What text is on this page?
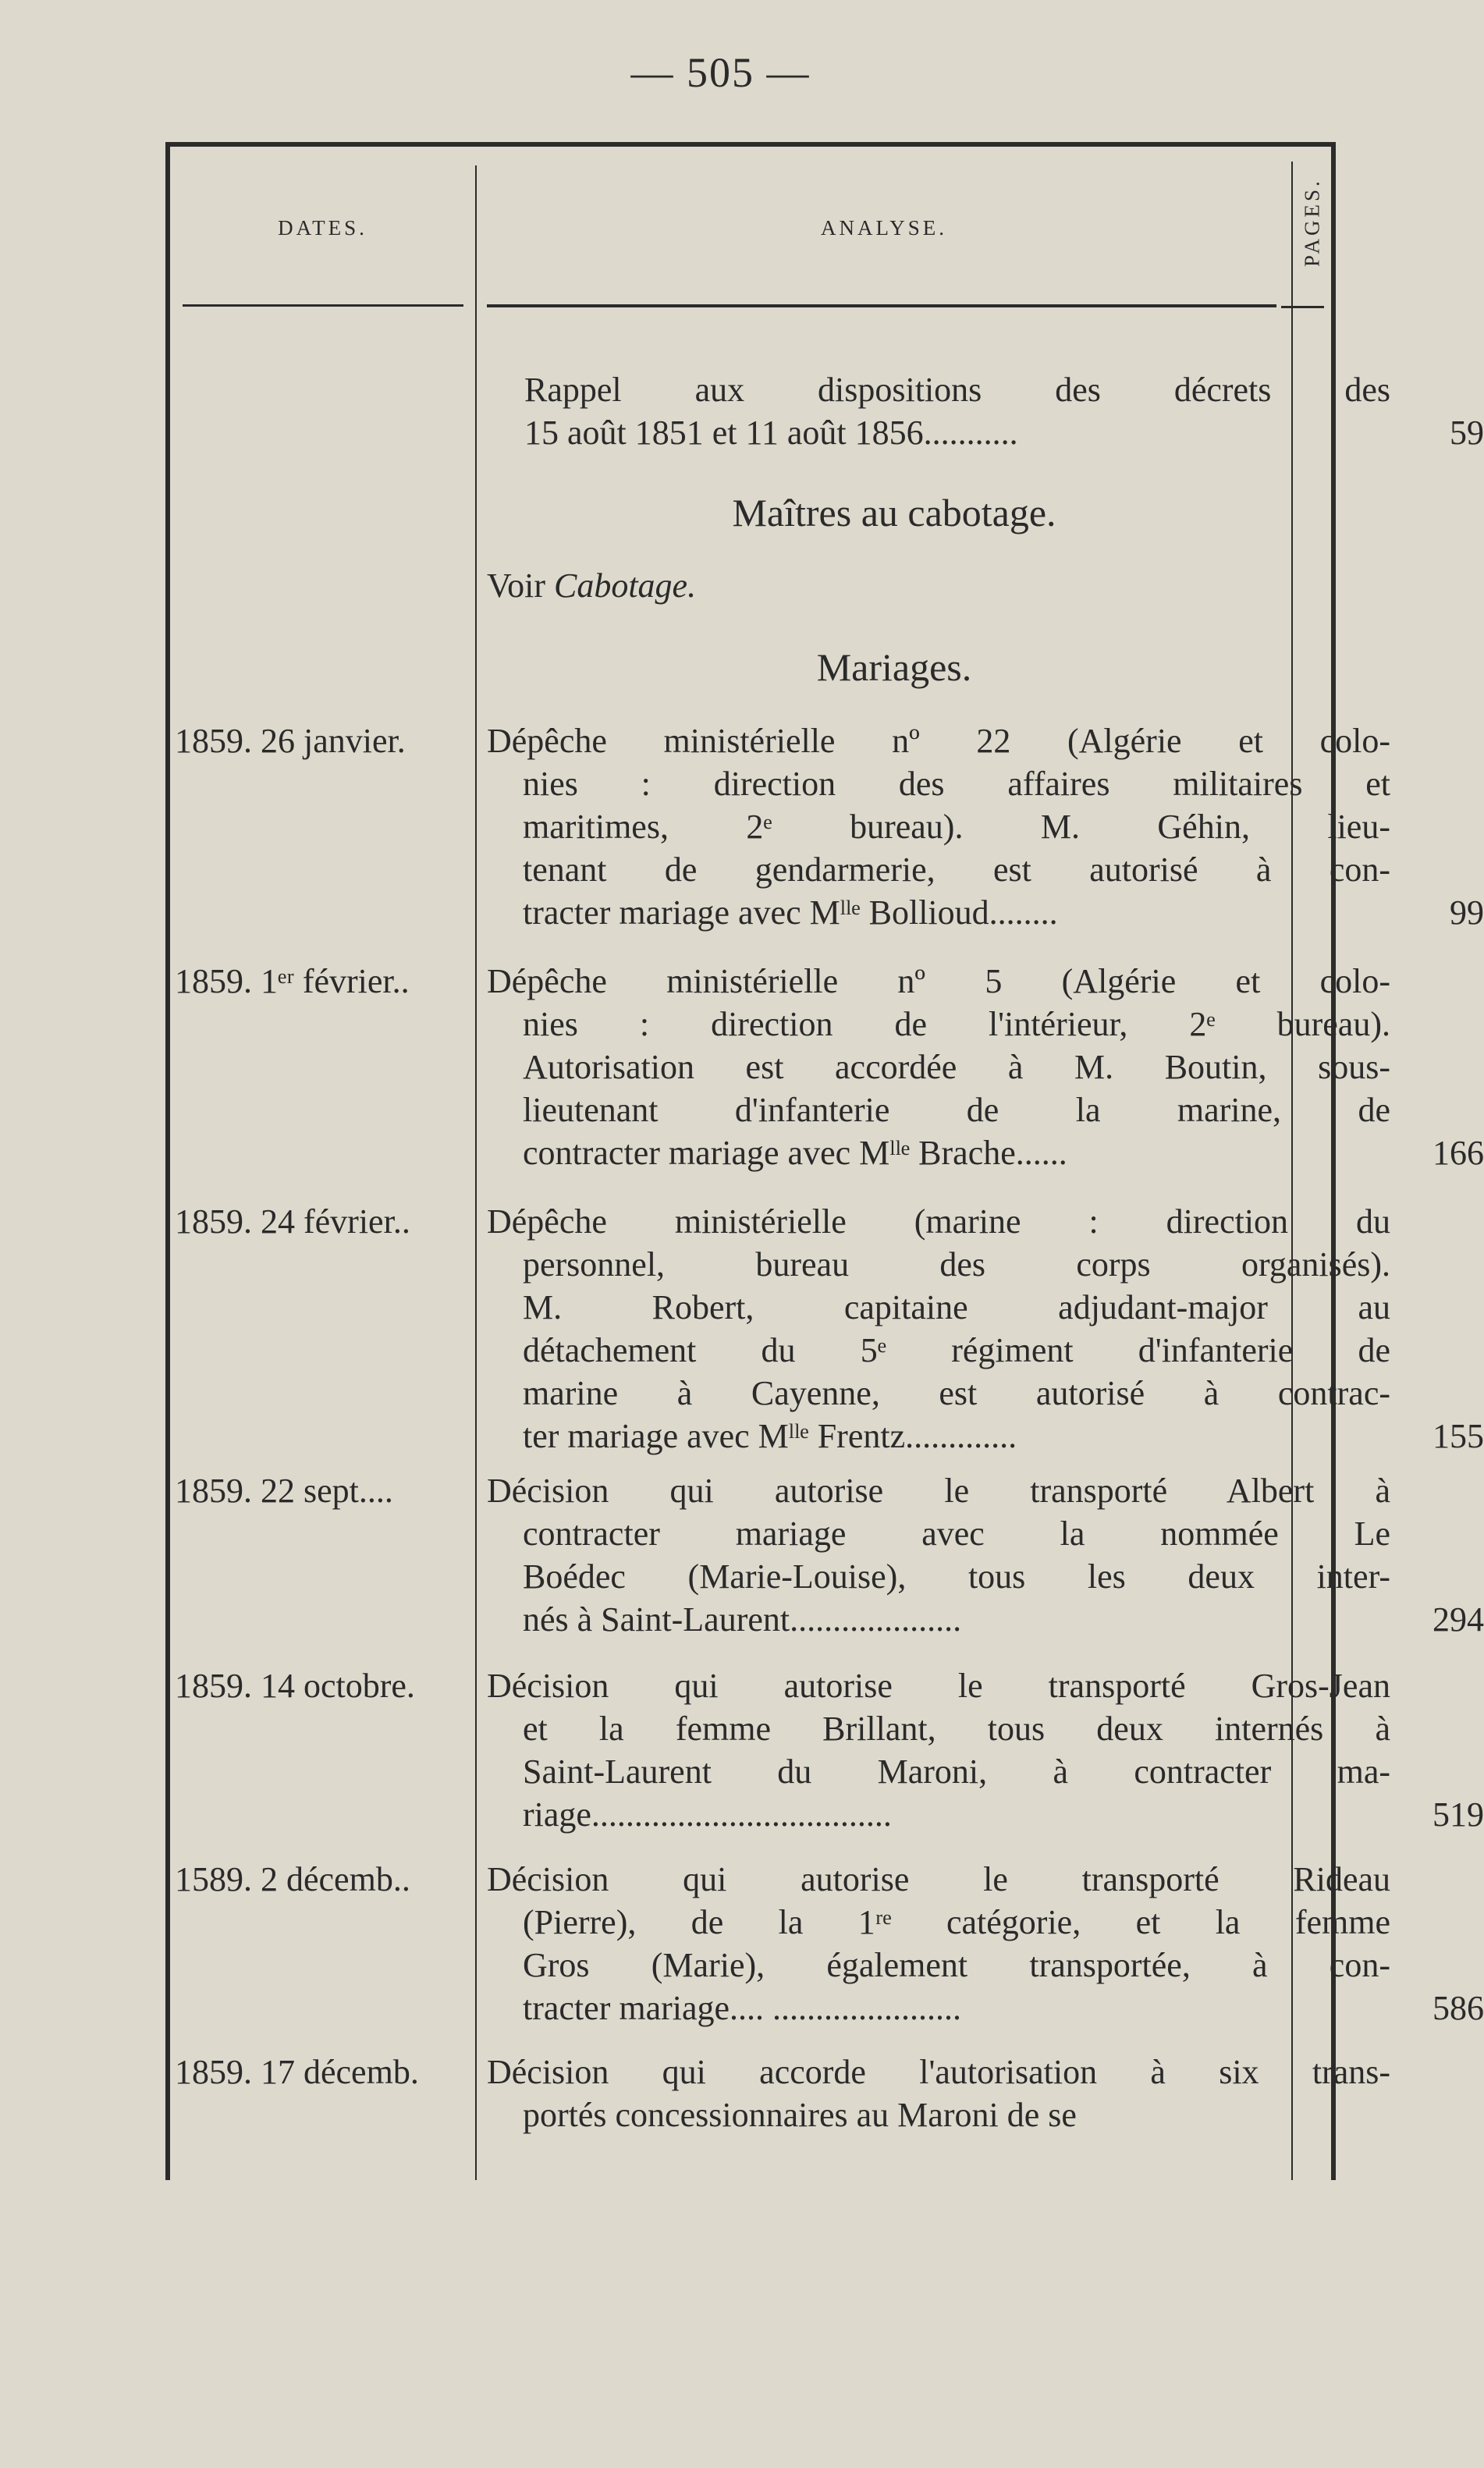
— 505 —
DATES.	ANALYSE.	PAGES.
Rappel aux dispositions des décrets des
15 août 1851 et 11 août 1856...........	59
Maîtres au cabotage.
Voir Cabotage.
Mariages.
1859. 26 janvier.	Dépêche ministérielle nº 22 (Algérie et colo-
nies : direction des affaires militaires et
maritimes, 2ᵉ bureau). M. Géhin, lieu-
tenant de gendarmerie, est autorisé à con-
tracter mariage avec Mˡˡᵉ Bollioud........	99
1859. 1ᵉʳ février..	Dépêche ministérielle nº 5 (Algérie et colo-
nies : direction de l'intérieur, 2ᵉ bureau).
Autorisation est accordée à M. Boutin, sous-
lieutenant d'infanterie de la marine, de
contracter mariage avec Mˡˡᵉ Brache......	166
1859. 24 février..	Dépêche ministérielle (marine : direction du
personnel, bureau des corps organisés).
M. Robert, capitaine adjudant-major au
détachement du 5ᵉ régiment d'infanterie de
marine à Cayenne, est autorisé à contrac-
ter mariage avec Mˡˡᵉ Frentz.............	155
1859. 22 sept....	Décision qui autorise le transporté Albert à
contracter mariage avec la nommée Le
Boédec (Marie-Louise), tous les deux inter-
nés à Saint-Laurent....................	294
1859. 14 octobre.	Décision qui autorise le transporté Gros-Jean
et la femme Brillant, tous deux internés à
Saint-Laurent du Maroni, à contracter ma-
riage...................................	519
1589. 2 décemb..	Décision qui autorise le transporté Rideau
(Pierre), de la 1ʳᵉ catégorie, et la femme
Gros (Marie), également transportée, à con-
tracter mariage.... ......................	586
1859. 17 décemb.	Décision qui accorde l'autorisation à six trans-
portés concessionnaires au Maroni de se
